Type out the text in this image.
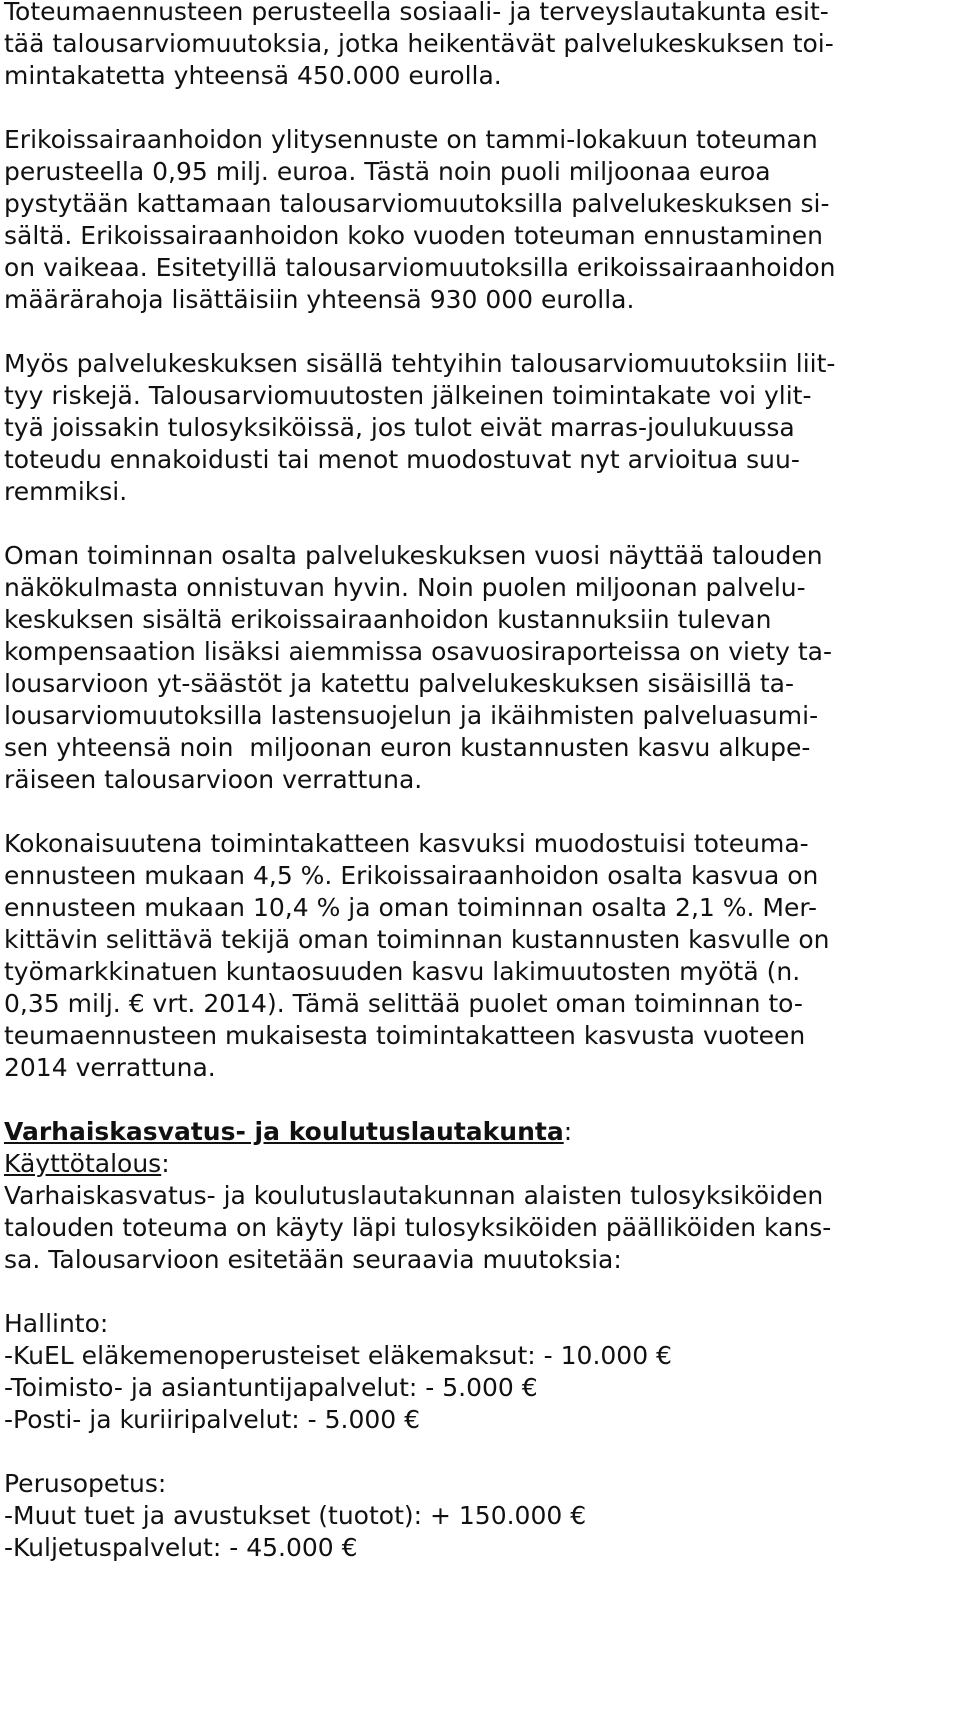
Toteumaennusteen perusteella sosiaali- ja terveyslautakunta esit-
tää talousarviomuutoksia, jotka heikentävät palvelukeskuksen toi-
mintakatetta yhteensä 450.000 eurolla.
Erikoissairaanhoidon ylitysennuste on tammi-lokakuun toteuman
perusteella 0,95 milj. euroa. Tästä noin puoli miljoonaa euroa
pystytään kattamaan talousarviomuutoksilla palvelukeskuksen si-
sältä. Erikoissairaanhoidon koko vuoden toteuman ennustaminen
on vaikeaa. Esitetyillä talousarviomuutoksilla erikoissairaanhoidon
määrärahoja lisättäisiin yhteensä 930 000 eurolla.
Myös palvelukeskuksen sisällä tehtyihin talousarviomuutoksiin liit-
tyy riskejä. Talousarviomuutosten jälkeinen toimintakate voi ylit-
tyä joissakin tulosyksiköissä, jos tulot eivät marras-joulukuussa
toteudu ennakoidusti tai menot muodostuvat nyt arvioitua suu-
remmiksi.
Oman toiminnan osalta palvelukeskuksen vuosi näyttää talouden
näkökulmasta onnistuvan hyvin. Noin puolen miljoonan palvelu-
keskuksen sisältä erikoissairaanhoidon kustannuksiin tulevan
kompensaation lisäksi aiemmissa osavuosiraporteissa on viety ta-
lousarvioon yt-säästöt ja katettu palvelukeskuksen sisäisillä ta-
lousarviomuutoksilla lastensuojelun ja ikäihmisten palveluasumi-
sen yhteensä noin  miljoonan euron kustannusten kasvu alkupe-
räiseen talousarvioon verrattuna.
Kokonaisuutena toimintakatteen kasvuksi muodostuisi toteuma-
ennusteen mukaan 4,5 %. Erikoissairaanhoidon osalta kasvua on
ennusteen mukaan 10,4 % ja oman toiminnan osalta 2,1 %. Mer-
kittävin selittävä tekijä oman toiminnan kustannusten kasvulle on
työmarkkinatuen kuntaosuuden kasvu lakimuutosten myötä (n.
0,35 milj. € vrt. 2014). Tämä selittää puolet oman toiminnan to-
teumaennusteen mukaisesta toimintakatteen kasvusta vuoteen
2014 verrattuna.
Varhaiskasvatus- ja koulutuslautakunta:
Käyttötalous:
Varhaiskasvatus- ja koulutuslautakunnan alaisten tulosyksiköiden
talouden toteuma on käyty läpi tulosyksiköiden päälliköiden kans-
sa. Talousarvioon esitetään seuraavia muutoksia:
Hallinto:
-KuEL eläkemenoperusteiset eläkemaksut: - 10.000 €
-Toimisto- ja asiantuntijapalvelut: - 5.000 €
-Posti- ja kuriiripalvelut: - 5.000 €
Perusopetus:
-Muut tuet ja avustukset (tuotot): + 150.000 €
-Kuljetuspalvelut: - 45.000 €
